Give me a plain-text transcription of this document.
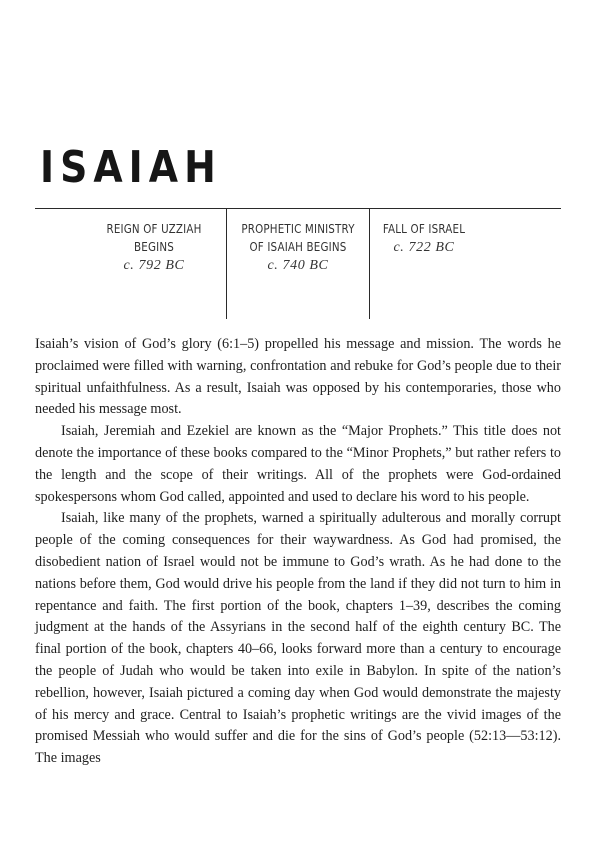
ISAIAH
REIGN OF UZZIAH BEGINS
c. 792 BC
PROPHETIC MINISTRY OF ISAIAH BEGINS
c. 740 BC
FALL OF ISRAEL
c. 722 BC

Isaiah’s vision of God’s glory (6:1–5) propelled his message and mission. The words he proclaimed were filled with warning, confrontation and rebuke for God’s people due to their spiritual unfaithfulness. As a result, Isaiah was opposed by his contemporaries, those who needed his message most.

Isaiah, Jeremiah and Ezekiel are known as the “Major Prophets.” This title does not denote the importance of these books compared to the “Minor Prophets,” but rather refers to the length and the scope of their writings. All of the prophets were God-ordained spokespersons whom God called, appointed and used to declare his word to his people.

Isaiah, like many of the prophets, warned a spiritually adulterous and morally corrupt people of the coming consequences for their waywardness. As God had promised, the disobedient nation of Israel would not be immune to God’s wrath. As he had done to the nations before them, God would drive his people from the land if they did not turn to him in repentance and faith. The first portion of the book, chapters 1–39, describes the coming judgment at the hands of the Assyrians in the second half of the eighth century BC. The final portion of the book, chapters 40–66, looks forward more than a century to encourage the people of Judah who would be taken into exile in Babylon. In spite of the nation’s rebellion, however, Isaiah pictured a coming day when God would demonstrate the majesty of his mercy and grace. Central to Isaiah’s prophetic writings are the vivid images of the promised Messiah who would suffer and die for the sins of God’s people (52:13—53:12). The images
